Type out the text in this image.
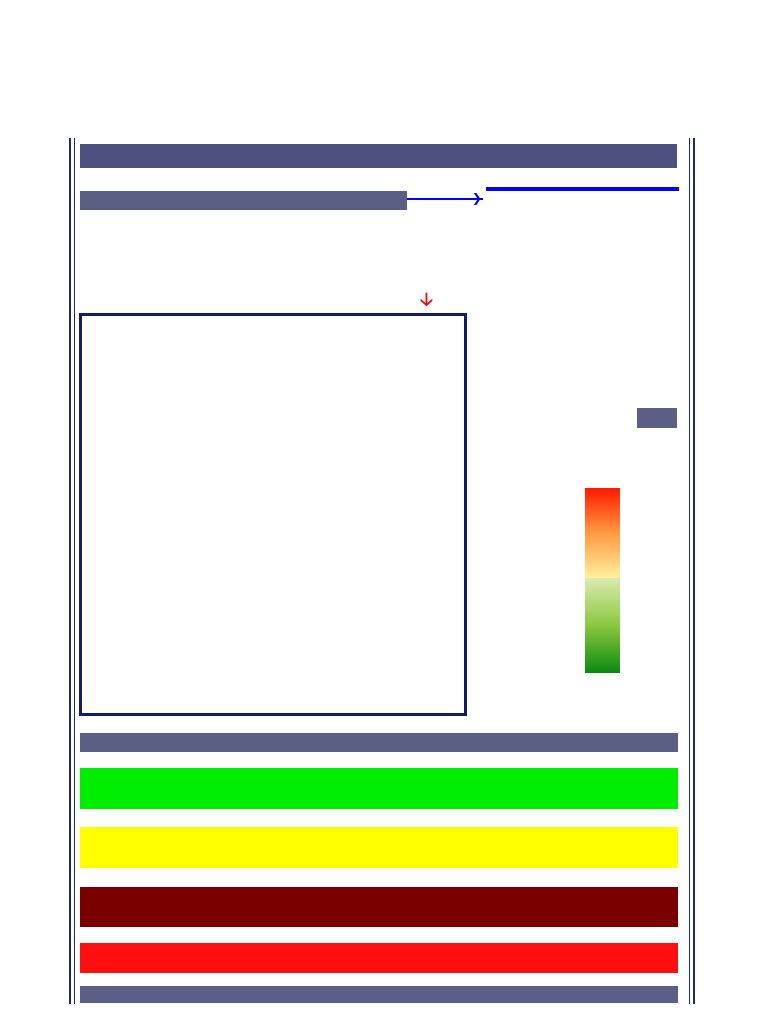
❯
🡣
